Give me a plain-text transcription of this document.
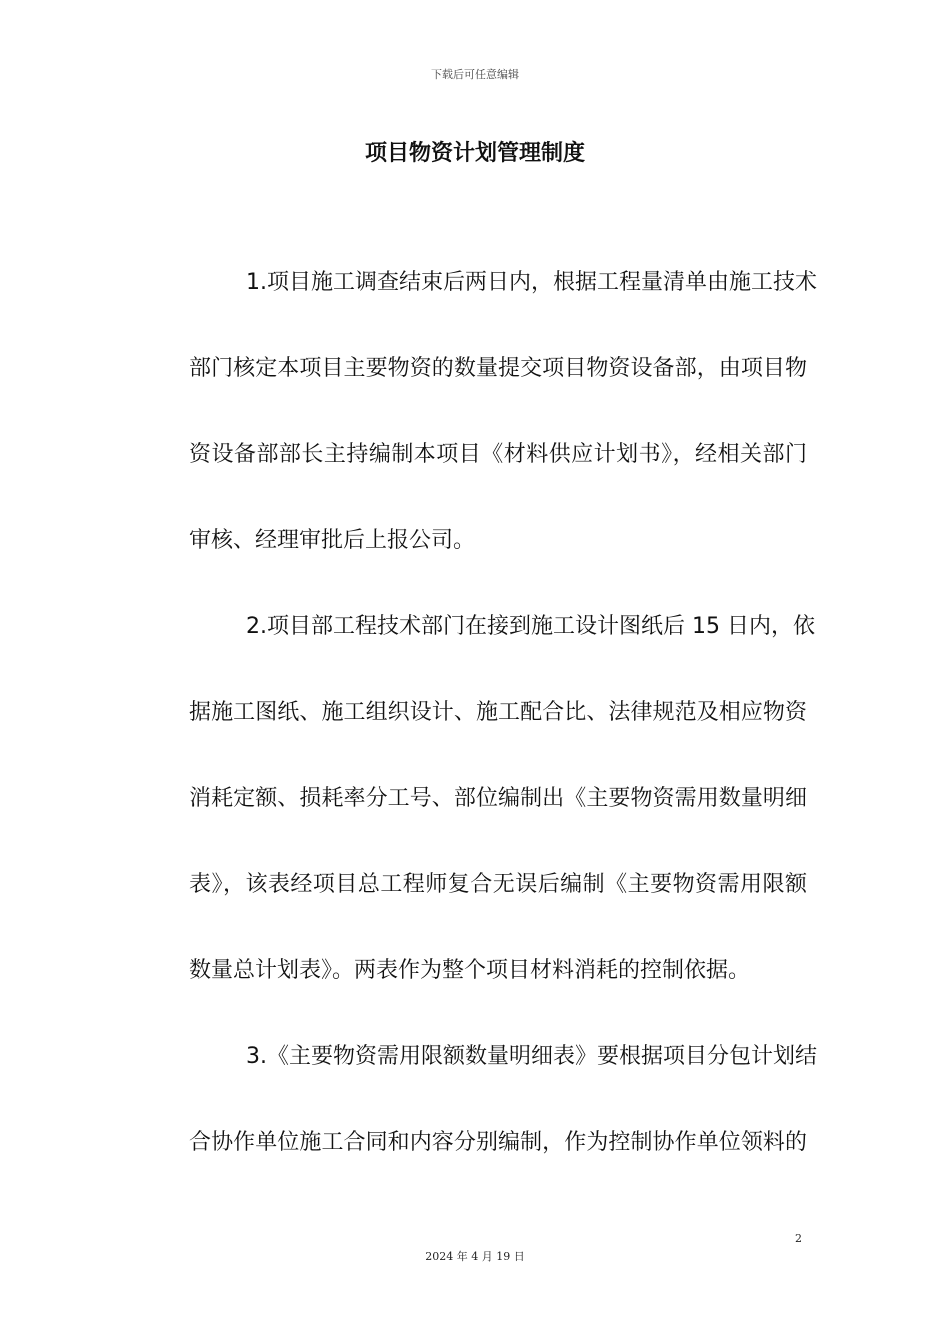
下载后可任意编辑
项目物资计划管理制度
1.项目施工调查结束后两日内，根据工程量清单由施工技术
部门核定本项目主要物资的数量提交项目物资设备部，由项目物
资设备部部长主持编制本项目《材料供应计划书》，经相关部门
审核、经理审批后上报公司。
2.项目部工程技术部门在接到施工设计图纸后 15 日内，依
据施工图纸、施工组织设计、施工配合比、法律规范及相应物资
消耗定额、损耗率分工号、部位编制出《主要物资需用数量明细
表》，该表经项目总工程师复合无误后编制《主要物资需用限额
数量总计划表》。两表作为整个项目材料消耗的控制依据。
3.《主要物资需用限额数量明细表》要根据项目分包计划结
合协作单位施工合同和内容分别编制，作为控制协作单位领料的
2
2024 年 4 月 19 日
